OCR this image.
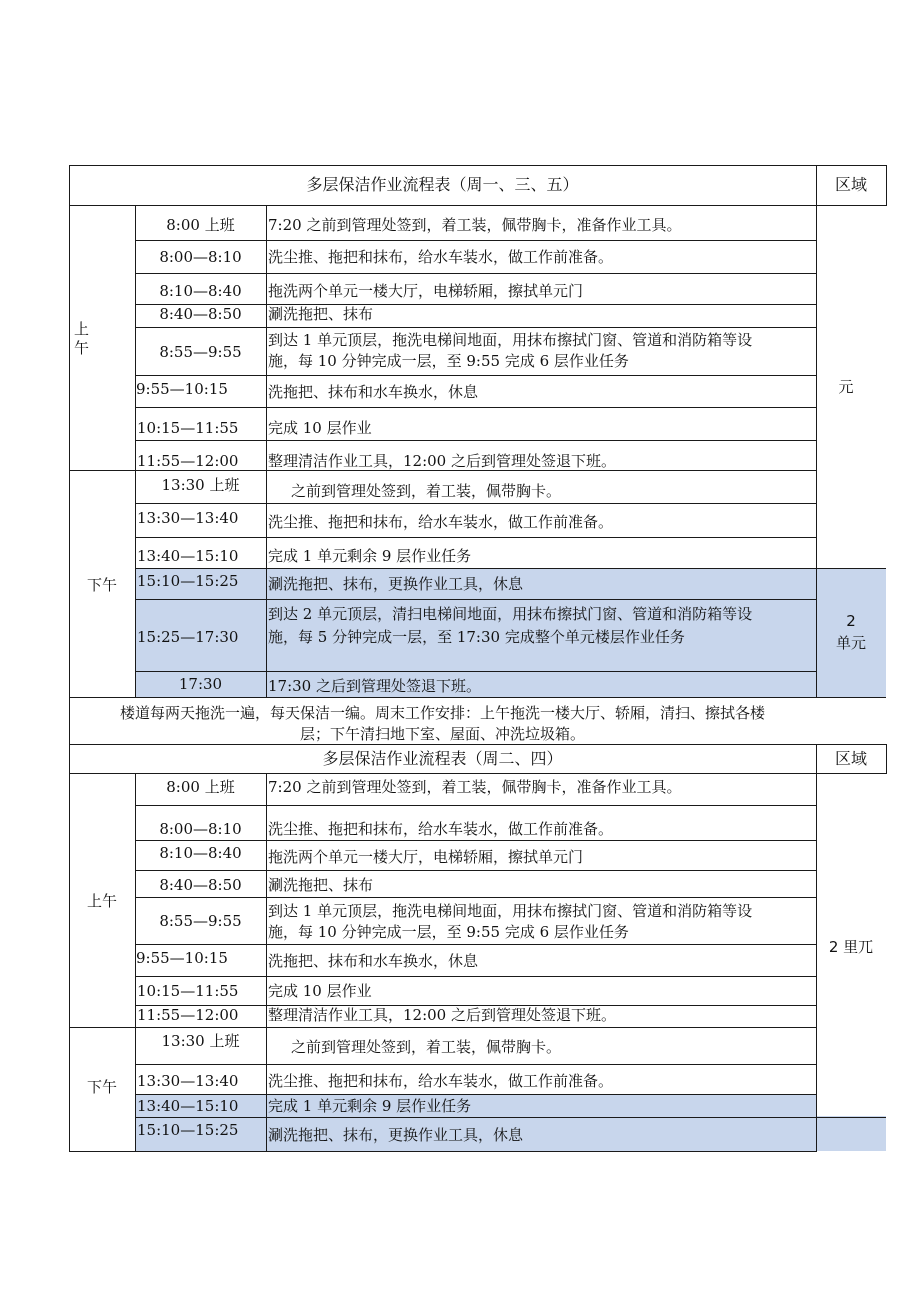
多层保洁作业流程表（周一、三、五）	区域
上午
下午
元
2
单元
8:00 上班
8:00—8:10
8:10—8:40
8:40—8:50
8:55—9:55
9:55—10:15
10:15—11:55
11:55—12:00
13:30 上班
13:30—13:40
13:40—15:10
15:10—15:25
15:25—17:30
17:30
7:20 之前到管理处签到，着工装，佩带胸卡，准备作业工具。
洗尘推、拖把和抹布，给水车装水，做工作前准备。
拖洗两个单元一楼大厅，电梯轿厢，擦拭单元门
涮洗拖把、抹布
到达 1 单元顶层，拖洗电梯间地面，用抹布擦拭门窗、管道和消防箱等设
施，每 10 分钟完成一层，至 9:55 完成 6 层作业任务
洗拖把、抹布和水车换水，休息
完成 10 层作业
整理清洁作业工具，12:00 之后到管理处签退下班。
之前到管理处签到，着工装，佩带胸卡。
洗尘推、拖把和抹布，给水车装水，做工作前准备。
完成 1 单元剩余 9 层作业任务
涮洗拖把、抹布，更换作业工具，休息
到达 2 单元顶层，清扫电梯间地面，用抹布擦拭门窗、管道和消防箱等设
施，每 5 分钟完成一层，至 17:30 完成整个单元楼层作业任务
17:30 之后到管理处签退下班。
楼道每两天拖洗一遍，每天保洁一编。周末工作安排：上午拖洗一楼大厅、轿厢，清扫、擦拭各楼
层；下午清扫地下室、屋面、冲洗垃圾箱。
多层保洁作业流程表（周二、四）	区域
上午
下午
2 里兀
8:00 上班
8:00—8:10
8:10—8:40
8:40—8:50
8:55—9:55
9:55—10:15
10:15—11:55
11:55—12:00
13:30 上班
13:30—13:40
13:40—15:10
15:10—15:25
7:20 之前到管理处签到，着工装，佩带胸卡，准备作业工具。
洗尘推、拖把和抹布，给水车装水，做工作前准备。
拖洗两个单元一楼大厅，电梯轿厢，擦拭单元门
涮洗拖把、抹布
到达 1 单元顶层，拖洗电梯间地面，用抹布擦拭门窗、管道和消防箱等设
施，每 10 分钟完成一层，至 9:55 完成 6 层作业任务
洗拖把、抹布和水车换水，休息
完成 10 层作业
整理清洁作业工具，12:00 之后到管理处签退下班。
之前到管理处签到，着工装，佩带胸卡。
洗尘推、拖把和抹布，给水车装水，做工作前准备。
完成 1 单元剩余 9 层作业任务
涮洗拖把、抹布，更换作业工具，休息
